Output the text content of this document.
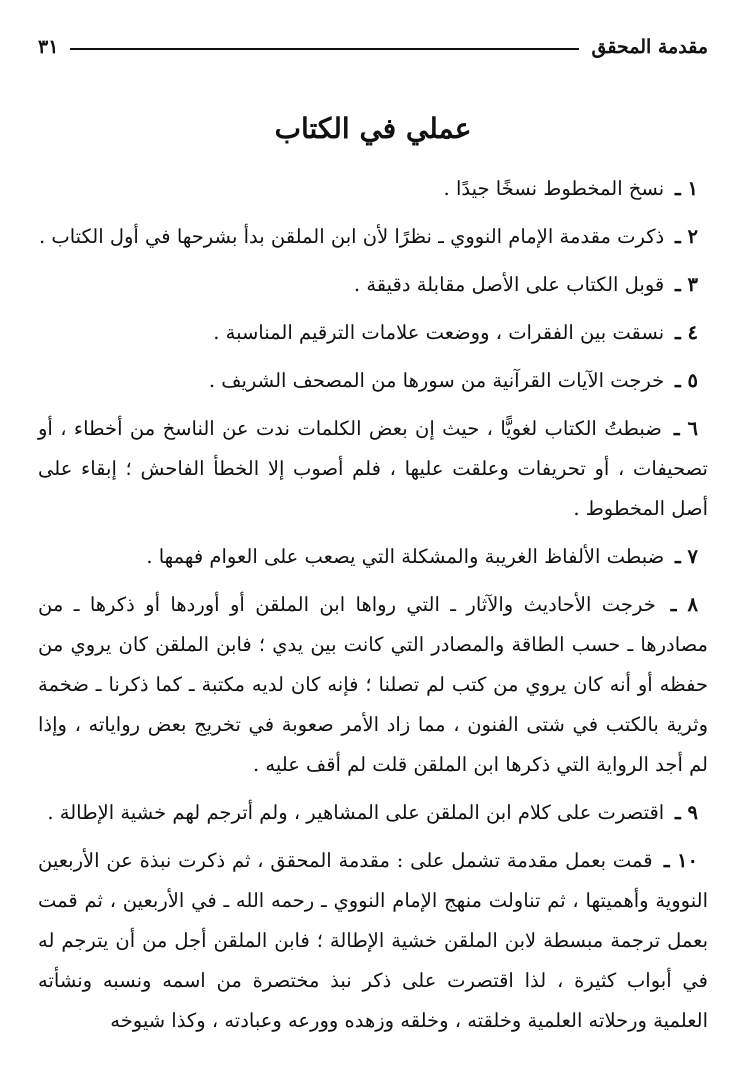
مقدمة المحقق
٣١
عملي في الكتاب

١ ـ نسخ المخطوط نسخًا جيدًا .

٢ ـ ذكرت مقدمة الإمام النووي ـ نظرًا لأن ابن الملقن بدأ بشرحها في أول الكتاب .

٣ ـ قوبل الكتاب على الأصل مقابلة دقيقة .

٤ ـ نسقت بين الفقرات ، ووضعت علامات الترقيم المناسبة .

٥ ـ خرجت الآيات القرآنية من سورها من المصحف الشريف .

٦ ـ ضبطتُ الكتاب لغويًّا ، حيث إن بعض الكلمات ندت عن الناسخ من أخطاء ، أو تصحيفات ، أو تحريفات وعلقت عليها ، فلم أصوب إلا الخطأ الفاحش ؛ إبقاء على أصل المخطوط .

٧ ـ ضبطت الألفاظ الغريبة والمشكلة التي يصعب على العوام فهمها .

٨ ـ خرجت الأحاديث والآثار ـ التي رواها ابن الملقن أو أوردها أو ذكرها ـ من مصادرها ـ حسب الطاقة والمصادر التي كانت بين يدي ؛ فابن الملقن كان يروي من حفظه أو أنه كان يروي من كتب لم تصلنا ؛ فإنه كان لديه مكتبة ـ كما ذكرنا ـ ضخمة وثرية بالكتب في شتى الفنون ، مما زاد الأمر صعوبة في تخريج بعض رواياته ، وإذا لم أجد الرواية التي ذكرها ابن الملقن قلت لم أقف عليه .

٩ ـ اقتصرت على كلام ابن الملقن على المشاهير ، ولم أترجم لهم خشية الإطالة .

١٠ ـ قمت بعمل مقدمة تشمل على : مقدمة المحقق ، ثم ذكرت نبذة عن الأربعين النووية وأهميتها ، ثم تناولت منهج الإمام النووي ـ رحمه الله ـ في الأربعين ، ثم قمت بعمل ترجمة مبسطة لابن الملقن خشية الإطالة ؛ فابن الملقن أجل من أن يترجم له في أبواب كثيرة ، لذا اقتصرت على ذكر نبذ مختصرة من اسمه ونسبه ونشأته العلمية ورحلاته العلمية وخلقته ، وخلقه وزهده وورعه وعبادته ، وكذا شيوخه
